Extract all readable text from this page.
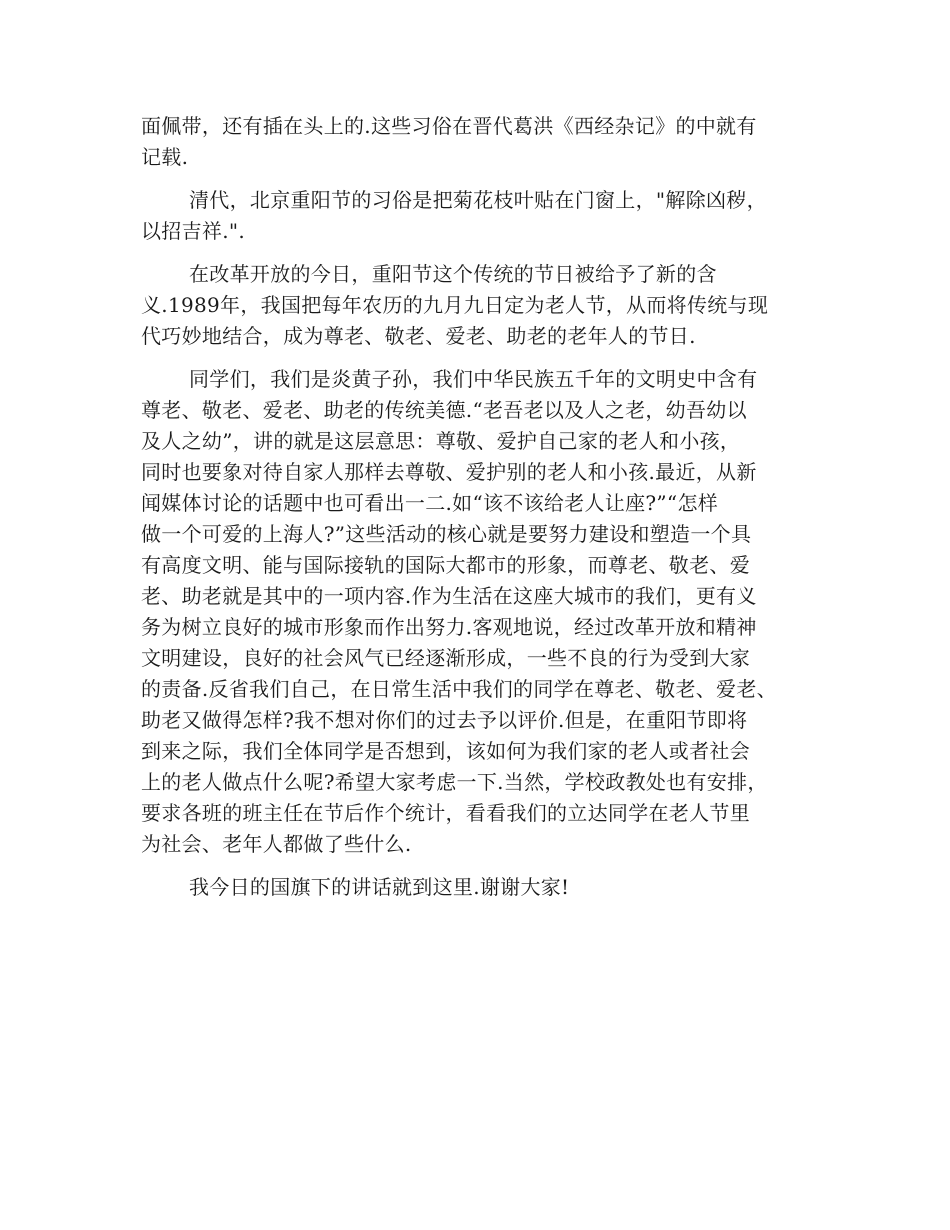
面佩带，还有插在头上的.这些习俗在晋代葛洪《西经杂记》的中就有
记载.
清代，北京重阳节的习俗是把菊花枝叶贴在门窗上，"解除凶秽，
以招吉祥.".
在改革开放的今日，重阳节这个传统的节日被给予了新的含
义.1989年，我国把每年农历的九月九日定为老人节，从而将传统与现
代巧妙地结合，成为尊老、敬老、爱老、助老的老年人的节日.
同学们，我们是炎黄子孙，我们中华民族五千年的文明史中含有
尊老、敬老、爱老、助老的传统美德.“老吾老以及人之老，幼吾幼以
及人之幼”，讲的就是这层意思：尊敬、爱护自己家的老人和小孩，
同时也要象对待自家人那样去尊敬、爱护别的老人和小孩.最近，从新
闻媒体讨论的话题中也可看出一二.如“该不该给老人让座?”“怎样
做一个可爱的上海人?”这些活动的核心就是要努力建设和塑造一个具
有高度文明、能与国际接轨的国际大都市的形象，而尊老、敬老、爱
老、助老就是其中的一项内容.作为生活在这座大城市的我们，更有义
务为树立良好的城市形象而作出努力.客观地说，经过改革开放和精神
文明建设，良好的社会风气已经逐渐形成，一些不良的行为受到大家
的责备.反省我们自己，在日常生活中我们的同学在尊老、敬老、爱老、
助老又做得怎样?我不想对你们的过去予以评价.但是，在重阳节即将
到来之际，我们全体同学是否想到，该如何为我们家的老人或者社会
上的老人做点什么呢?希望大家考虑一下.当然，学校政教处也有安排，
要求各班的班主任在节后作个统计，看看我们的立达同学在老人节里
为社会、老年人都做了些什么.
我今日的国旗下的讲话就到这里.谢谢大家!
